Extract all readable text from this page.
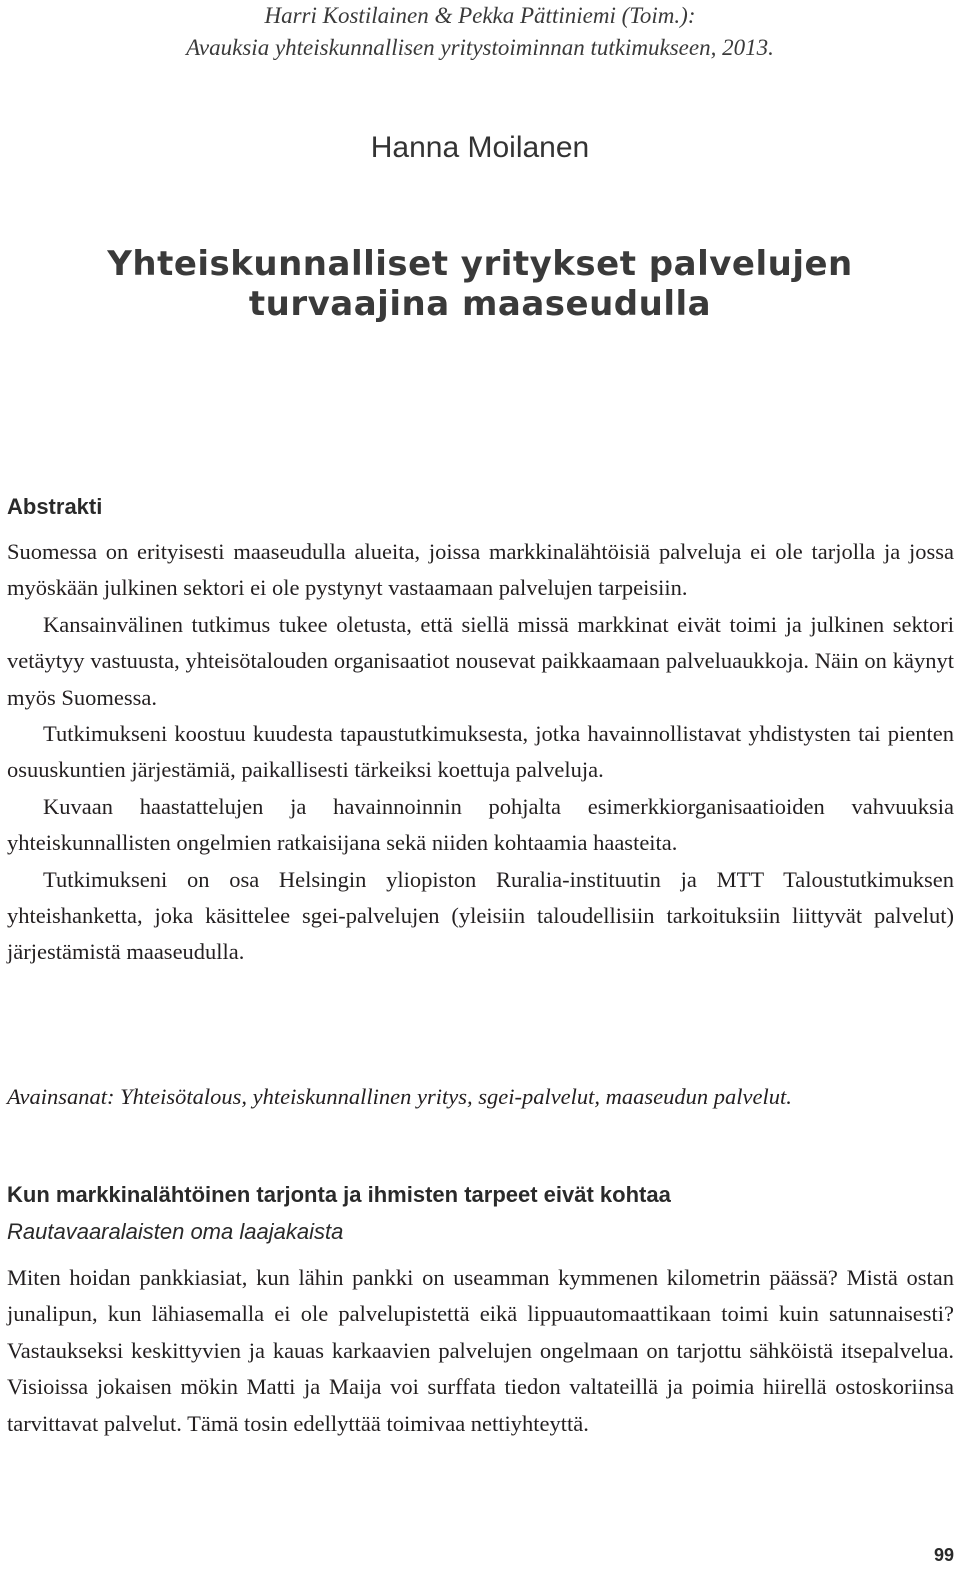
Harri Kostilainen & Pekka Pättiniemi (Toim.):
Avauksia yhteiskunnallisen yritystoiminnan tutkimukseen, 2013.
Hanna Moilanen
Yhteiskunnalliset yritykset palvelujen
turvaajina maaseudulla
Abstrakti

Suomessa on erityisesti maaseudulla alueita, joissa markkinalähtöisiä palveluja ei ole tarjolla ja jossa myöskään julkinen sektori ei ole pystynyt vastaamaan palvelujen tarpeisiin.

Kansainvälinen tutkimus tukee oletusta, että siellä missä markkinat eivät toimi ja julkinen sektori vetäytyy vastuusta, yhteisötalouden organisaatiot nousevat paikkaamaan palveluaukkoja. Näin on käynyt myös Suomessa.

Tutkimukseni koostuu kuudesta tapaustutkimuksesta, jotka havainnollistavat yhdistysten tai pienten osuuskuntien järjestämiä, paikallisesti tärkeiksi koettuja palveluja.

Kuvaan haastattelujen ja havainnoinnin pohjalta esimerkkiorganisaatioiden vahvuuksia yhteiskunnallisten ongelmien ratkaisijana sekä niiden kohtaamia haasteita.

Tutkimukseni on osa Helsingin yliopiston Ruralia-instituutin ja MTT Taloustutkimuksen yhteishanketta, joka käsittelee sgei-palvelujen (yleisiin taloudellisiin tarkoituksiin liittyvät palvelut) järjestämistä maaseudulla.

Avainsanat: Yhteisötalous, yhteiskunnallinen yritys, sgei-palvelut, maaseudun palvelut.
Kun markkinalähtöinen tarjonta ja ihmisten tarpeet eivät kohtaa
Rautavaaralaisten oma laajakaista

Miten hoidan pankkiasiat, kun lähin pankki on useamman kymmenen kilometrin päässä? Mistä ostan junalipun, kun lähiasemalla ei ole palvelupistettä eikä lippuautomaattikaan toimi kuin satunnaisesti? Vastaukseksi keskittyvien ja kauas karkaavien palvelujen ongelmaan on tarjottu sähköistä itsepalvelua. Visioissa jokaisen mökin Matti ja Maija voi surffata tiedon valtateillä ja poimia hiirellä ostoskoriinsa tarvittavat palvelut. Tämä tosin edellyttää toimivaa nettiyhteyttä.

99
